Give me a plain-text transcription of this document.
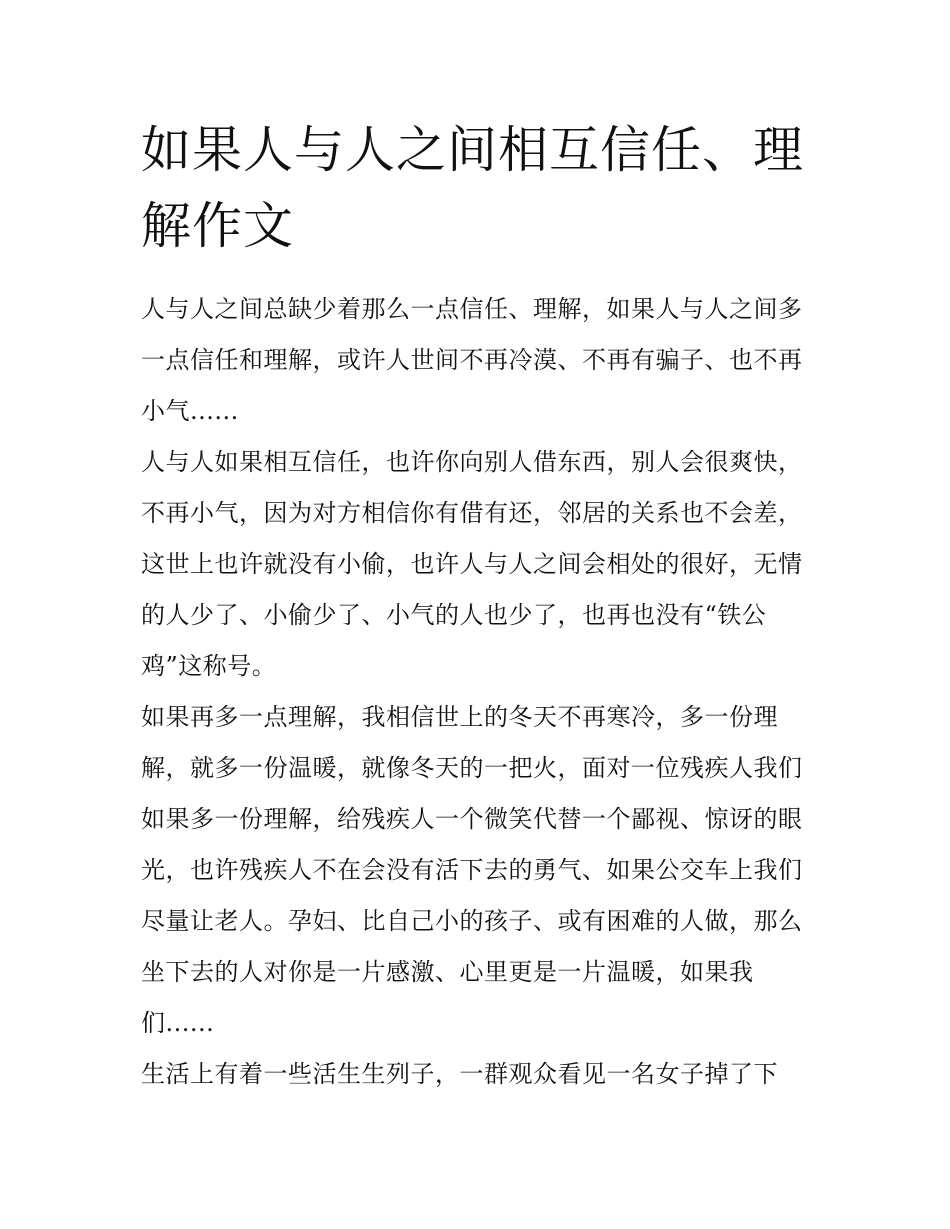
如果人与人之间相互信任、理解作文

人与人之间总缺少着那么一点信任、理解，如果人与人之间多一点信任和理解，或许人世间不再冷漠、不再有骗子、也不再小气......

人与人如果相互信任，也许你向别人借东西，别人会很爽快，不再小气，因为对方相信你有借有还，邻居的关系也不会差，这世上也许就没有小偷，也许人与人之间会相处的很好，无情的人少了、小偷少了、小气的人也少了，也再也没有“铁公鸡”这称号。

如果再多一点理解，我相信世上的冬天不再寒冷，多一份理解，就多一份温暖，就像冬天的一把火，面对一位残疾人我们如果多一份理解，给残疾人一个微笑代替一个鄙视、惊讶的眼光，也许残疾人不在会没有活下去的勇气、如果公交车上我们尽量让老人。孕妇、比自己小的孩子、或有困难的人做，那么坐下去的人对你是一片感激、心里更是一片温暖，如果我们......

生活上有着一些活生生列子，一群观众看见一名女子掉了下
